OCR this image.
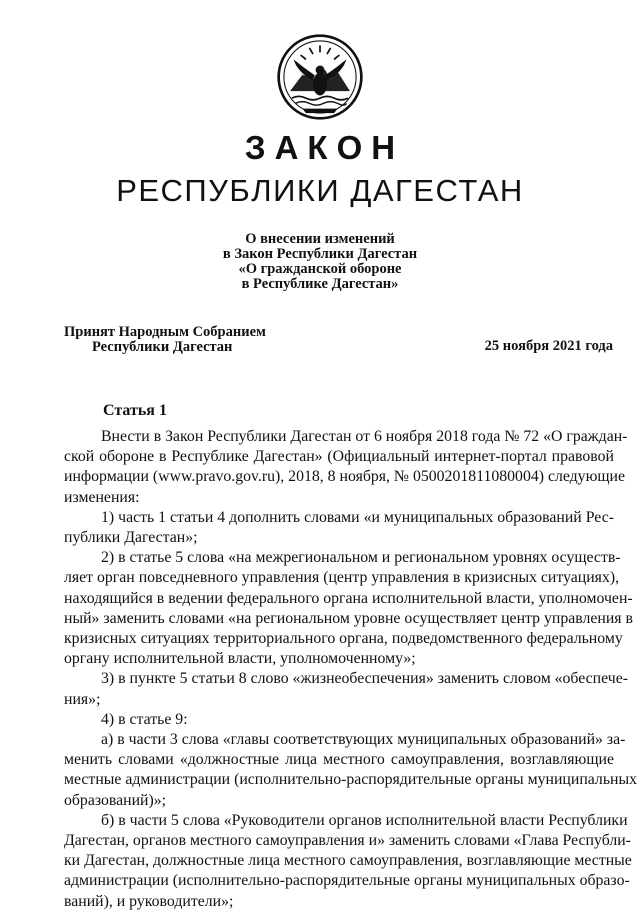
ЗАКОН
РЕСПУБЛИКИ ДАГЕСТАН
О внесении изменений
в Закон Республики Дагестан
«О гражданской обороне
в Республике Дагестан»
Принят Народным Собранием
Республики Дагестан	25 ноября 2021 года
Статья 1
Внести в Закон Республики Дагестан от 6 ноября 2018 года № 72 «О граждан-
ской обороне в Республике Дагестан» (Официальный интернет-портал правовой
информации (www.pravo.gov.ru), 2018, 8 ноября, № 0500201811080004) следующие
изменения:
1) часть 1 статьи 4 дополнить словами «и муниципальных образований Рес-
публики Дагестан»;
2) в статье 5 слова «на межрегиональном и региональном уровнях осуществ-
ляет орган повседневного управления (центр управления в кризисных ситуациях),
находящийся в ведении федерального органа исполнительной власти, уполномочен-
ный» заменить словами «на региональном уровне осуществляет центр управления в
кризисных ситуациях территориального органа, подведомственного федеральному
органу исполнительной власти, уполномоченному»;
3) в пункте 5 статьи 8 слово «жизнеобеспечения» заменить словом «обеспече-
ния»;
4) в статье 9:
а) в части 3 слова «главы соответствующих муниципальных образований» за-
менить словами «должностные лица местного самоуправления, возглавляющие
местные администрации (исполнительно-распорядительные органы муниципальных
образований)»;
б) в части 5 слова «Руководители органов исполнительной власти Республики
Дагестан, органов местного самоуправления и» заменить словами «Глава Республи-
ки Дагестан, должностные лица местного самоуправления, возглавляющие местные
администрации (исполнительно-распорядительные органы муниципальных образо-
ваний), и руководители»;
